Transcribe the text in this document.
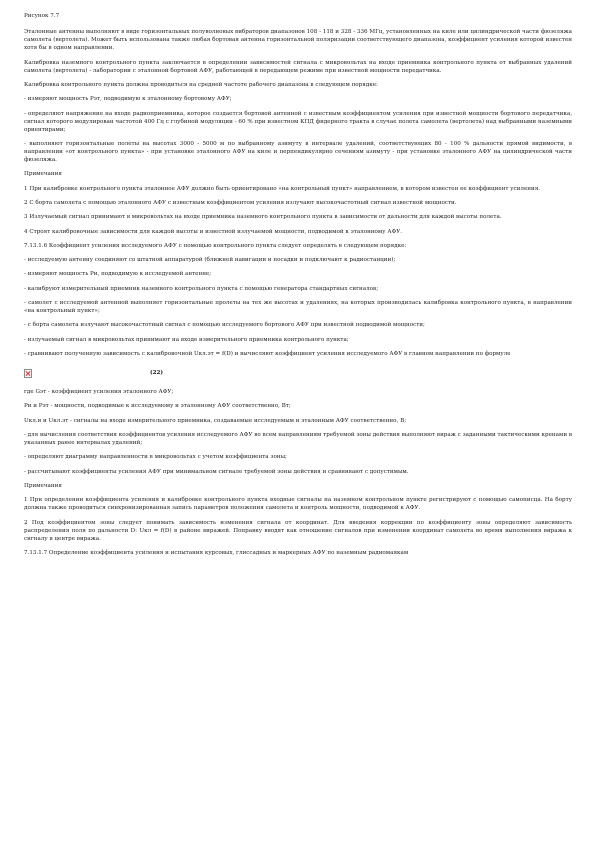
Рисунок 7.7

Эталонные антенны выполняют в виде горизонтальных полуволновых вибраторов диапазонов 108 - 118 и 328 - 336 МГц, установленных на киле или цилиндрической части фюзеляжа самолета (вертолета). Может быть использована также любая бортовая антенна горизонтальной поляризации соответствующего диапазона, коэффициент усиления которой известен хотя бы в одном направлении.

Калибровка наземного контрольного пункта заключается в определении зависимостей сигнала с микровольтах на входе приемника контрольного пункта от выбранных удалений самолета (вертолета) - лаборатории с эталонной бортовой АФУ, работающей в передающем режиме при известной мощности передатчика.

Калибровка контрольного пункта должна проводиться на средней частоте рабочего диапазона в следующем порядке:

- измеряют мощность Pэт, подводимую к эталонному бортовому АФУ;

- определяют напряжение на входе радиоприемника, которое создается бортовой антенной с известным коэффициентом усиления при известной мощности бортового передатчика, сигнал которого модулирован частотой 400 Гц с глубиной модуляции - 60 % при известном КПД фидерного тракта в случае полета самолета (вертолета) над выбранными наземными ориентирами;

- выполняют горизонтальные полеты на высотах 3000 - 5000 м по выбранному азимуту в интервале удалений, соответствующих 80 - 100 % дальности прямой видимости, в направлении «от контрольного пункта» - при установке эталонного АФУ на киле и перпендикулярно сечениям азимуту - при установке эталонного АФУ на цилиндрической части фюзеляжа.

Примечания

1 При калибровке контрольного пункта эталонное АФУ должно быть ориентировано «на контрольный пункт» направлением, в котором известен ее коэффициент усиления.

2 С борта самолета с помощью эталонного АФУ с известным коэффициентом усиления излучают высокочастотный сигнал известной мощности.

3 Излучаемый сигнал принимают в микровольтах на входе приемника наземного контрольного пункта в зависимости от дальности для каждой высоты полета.

4 Строят калибровочные зависимости для каждой высоты и известной излучаемой мощности, подводимой к эталонному АФУ.

7.13.1.6 Коэффициент усиления исследуемого АФУ с помощью контрольного пункта следует определять в следующем порядке:

- исследуемую антенну соединяют со штатной аппаратурой (ближней навигации и посадки и подключают к радиостанции);

- измеряют мощность Pи, подводимую к исследуемой антенне;

- калибруют измерительный приемник наземного контрольного пункта с помощью генератора стандартных сигналов;

- самолет с исследуемой антенной выполняет горизонтальные пролеты на тех же высотах и удалениях, на которых производилась калибровка контрольного пункта, в направлении «на контрольный пункт»;

- с борта самолета излучают высокочастотный сигнал с помощью исследуемого бортового АФУ при известной подводимой мощности;

- излучаемый сигнал в микровольтах принимают на входе измерительного приемника контрольного пункта;

- сравнивают полученную зависимость с калибровочной Uкл.эт = f(D) и вычисляют коэффициент усиления исследуемого АФУ в главном направлении по формуле

(22)

где Gэт - коэффициент усиления эталонного АФУ;

Pи и Pэт - мощности, подводимые к исследуемому и эталонному АФУ соответственно, Вт;

Uкл.и и Uкл.эт - сигналы на входе измерительного приемника, создаваемые исследуемым и эталонным АФУ соответственно, В;

- для вычисления соответствия коэффициентов усиления исследуемого АФУ во всем направлениям требуемой зоны действия выполняют вираж с заданными тактическими кренами в указанных ранее интервалах удалений;

- определяют диаграмму направленности в микровольтах с учетом коэффициента зоны;

- рассчитывают коэффициенты усиления АФУ при минимальном сигнале требуемой зоны действия и сравнивают с допустимым.

Примечания

1 При определении коэффициента усиления и калибровке контрольного пункта входные сигналы на наземном контрольном пункте регистрируют с помощью самописца. На борту должна также проводиться синхронизированная запись параметров положения самолета и контроль мощности, подводимой к АФУ.

2 Под коэффициентом зоны следует понимать зависимость изменения сигнала от координат. Для введения коррекции по коэффициенту зоны определяют зависимость распределения поля по дальности D: Uкл = f(D) в районе виражей. Поправку вводят как отношение сигналов при изменении координат самолета во время выполнения виража к сигналу в центре виража.

7.13.1.7 Определение коэффициента усиления и испытания курсовых, глиссадных и маркерных АФУ по наземным радиомаякам
